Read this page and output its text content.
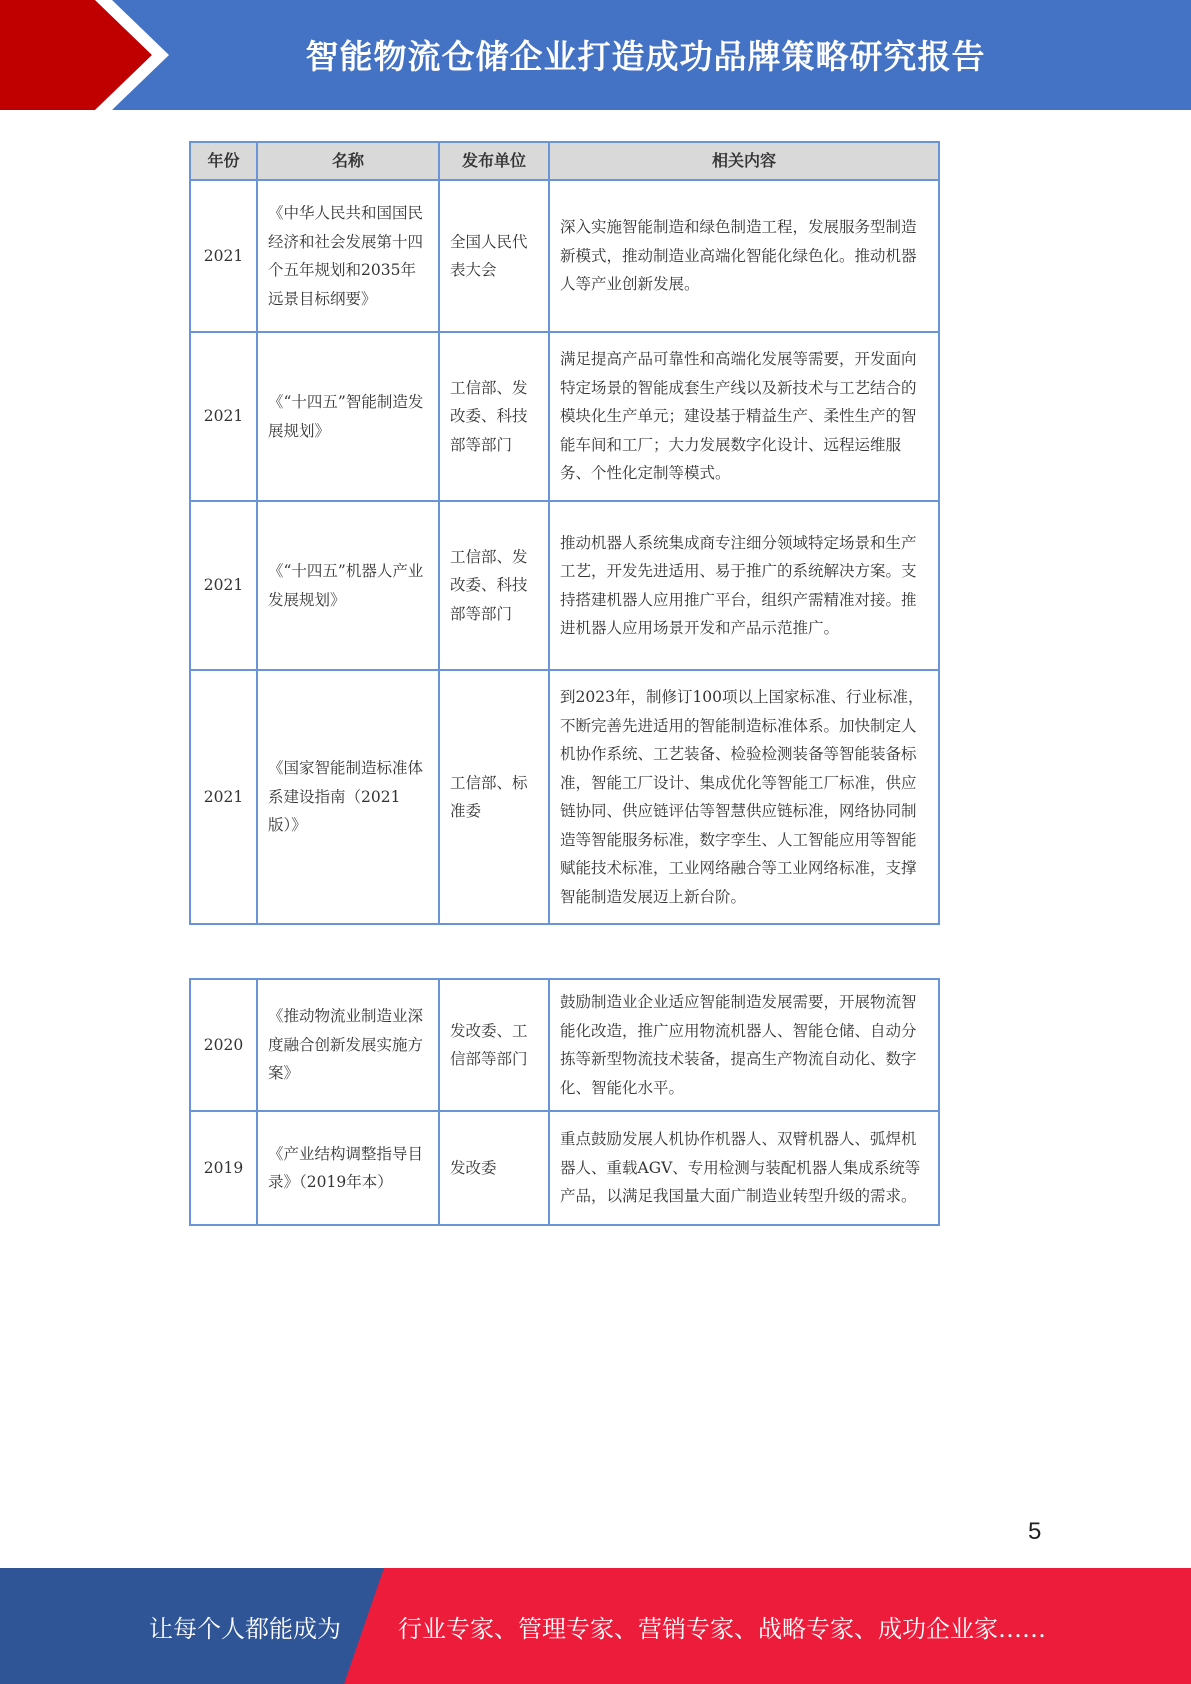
智能物流仓储企业打造成功品牌策略研究报告
年份	名称	发布单位	相关内容
2021	《中华人民共和国国民经济和社会发展第十四个五年规划和2035年远景目标纲要》	全国人民代表大会	深入实施智能制造和绿色制造工程，发展服务型制造新模式，推动制造业高端化智能化绿色化。推动机器人等产业创新发展。
2021	《“十四五”智能制造发展规划》	工信部、发改委、科技部等部门	满足提高产品可靠性和高端化发展等需要，开发面向特定场景的智能成套生产线以及新技术与工艺结合的模块化生产单元；建设基于精益生产、柔性生产的智能车间和工厂；大力发展数字化设计、远程运维服务、个性化定制等模式。
2021	《“十四五”机器人产业发展规划》	工信部、发改委、科技部等部门	推动机器人系统集成商专注细分领域特定场景和生产工艺，开发先进适用、易于推广的系统解决方案。支持搭建机器人应用推广平台，组织产需精准对接。推进机器人应用场景开发和产品示范推广。
2021	《国家智能制造标准体系建设指南（2021版）》	工信部、标准委	到2023年，制修订100项以上国家标准、行业标准，不断完善先进适用的智能制造标准体系。加快制定人机协作系统、工艺装备、检验检测装备等智能装备标准，智能工厂设计、集成优化等智能工厂标准，供应链协同、供应链评估等智慧供应链标准，网络协同制造等智能服务标准，数字孪生、人工智能应用等智能赋能技术标准，工业网络融合等工业网络标准，支撑智能制造发展迈上新台阶。
2020	《推动物流业制造业深度融合创新发展实施方案》	发改委、工信部等部门	鼓励制造业企业适应智能制造发展需要，开展物流智能化改造，推广应用物流机器人、智能仓储、自动分拣等新型物流技术装备，提高生产物流自动化、数字化、智能化水平。
2019	《产业结构调整指导目录》（2019年本）	发改委	重点鼓励发展人机协作机器人、双臂机器人、弧焊机器人、重载AGV、专用检测与装配机器人集成系统等产品，以满足我国量大面广制造业转型升级的需求。
5
让每个人都能成为	行业专家、管理专家、营销专家、战略专家、成功企业家……
